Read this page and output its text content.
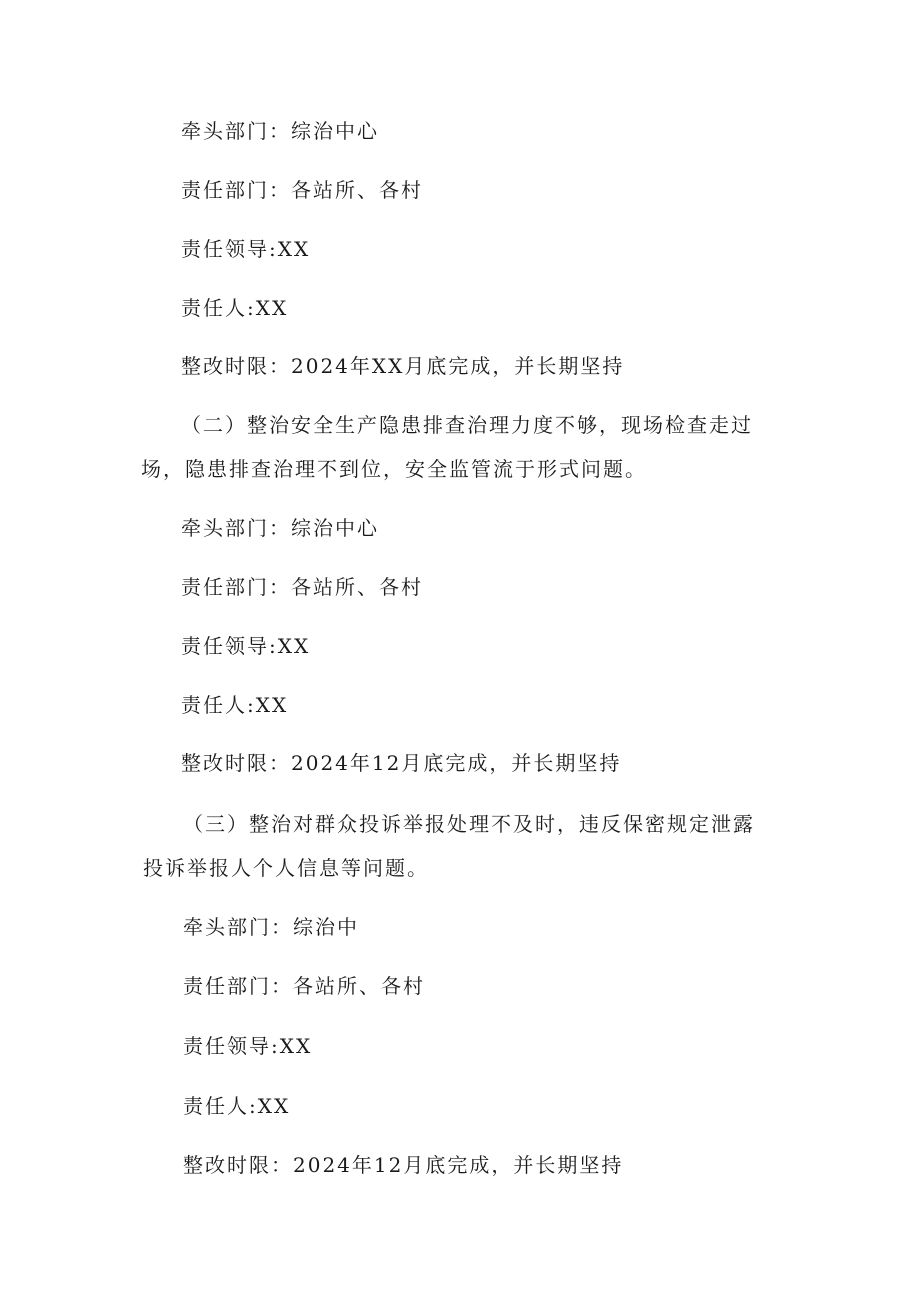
牵头部门：综治中心
责任部门：各站所、各村
责任领导:XX
责任人:XX
整改时限：2024年XX月底完成，并长期坚持
（二）整治安全生产隐患排查治理力度不够，现场检查走过场，隐患排查治理不到位，安全监管流于形式问题。
牵头部门：综治中心
责任部门：各站所、各村
责任领导:XX
责任人:XX
整改时限：2024年12月底完成，并长期坚持
（三）整治对群众投诉举报处理不及时，违反保密规定泄露投诉举报人个人信息等问题。
牵头部门：综治中
责任部门：各站所、各村
责任领导:XX
责任人:XX
整改时限：2024年12月底完成，并长期坚持
